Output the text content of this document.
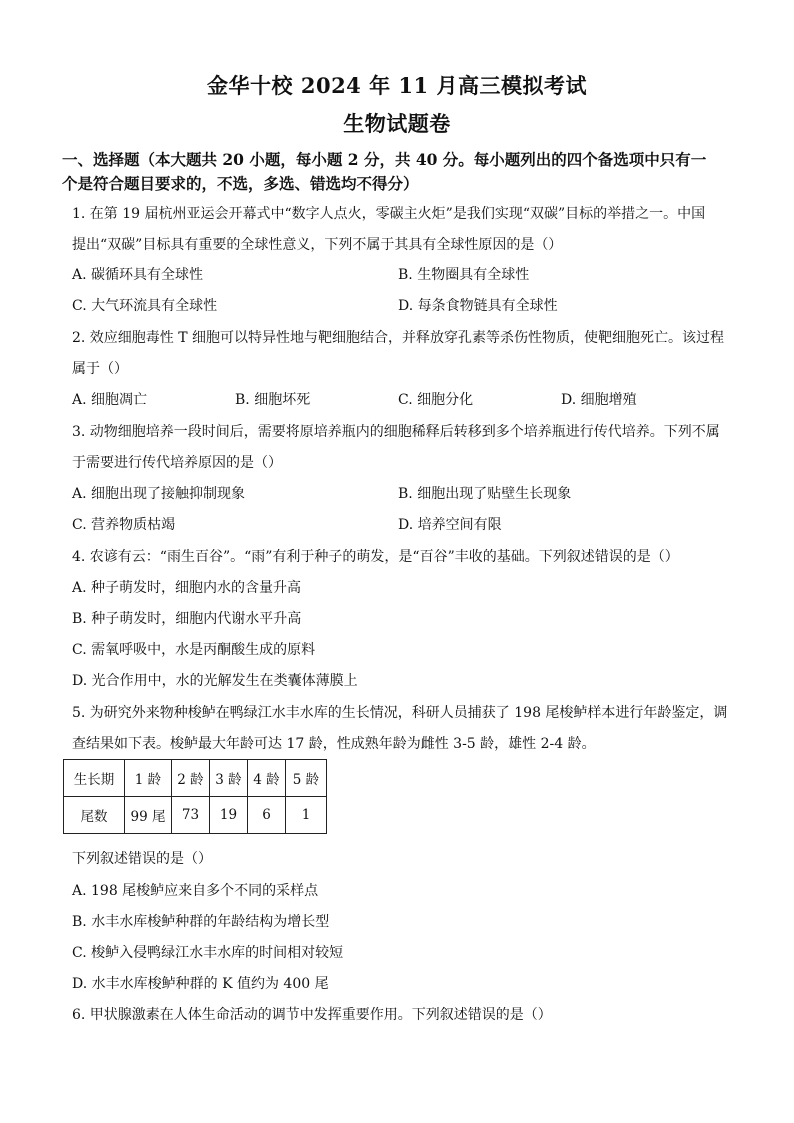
金华十校 2024 年 11 月高三模拟考试
生物试题卷
一、选择题（本大题共 20 小题，每小题 2 分，共 40 分。每小题列出的四个备选项中只有一
个是符合题目要求的，不选，多选、错选均不得分）
1. 在第 19 届杭州亚运会开幕式中“数字人点火，零碳主火炬”是我们实现“双碳”目标的举措之一。中国
提出“双碳”目标具有重要的全球性意义，下列不属于其具有全球性原因的是（）
A. 碳循环具有全球性	B. 生物圈具有全球性
C. 大气环流具有全球性	D. 每条食物链具有全球性
2. 效应细胞毒性 T 细胞可以特异性地与靶细胞结合，并释放穿孔素等杀伤性物质，使靶细胞死亡。该过程
属于（）
A. 细胞凋亡	B. 细胞坏死	C. 细胞分化	D. 细胞增殖
3. 动物细胞培养一段时间后，需要将原培养瓶内的细胞稀释后转移到多个培养瓶进行传代培养。下列不属
于需要进行传代培养原因的是（）
A. 细胞出现了接触抑制现象	B. 细胞出现了贴壁生长现象
C. 营养物质枯竭	D. 培养空间有限
4. 农谚有云：“雨生百谷”。“雨”有利于种子的萌发，是“百谷”丰收的基础。下列叙述错误的是（）
A. 种子萌发时，细胞内水的含量升高
B. 种子萌发时，细胞内代谢水平升高
C. 需氧呼吸中，水是丙酮酸生成的原料
D. 光合作用中，水的光解发生在类囊体薄膜上
5. 为研究外来物种梭鲈在鸭绿江水丰水库的生长情况，科研人员捕获了 198 尾梭鲈样本进行年龄鉴定，调
查结果如下表。梭鲈最大年龄可达 17 龄，性成熟年龄为雌性 3-5 龄，雄性 2-4 龄。
生长期	1 龄	2 龄	3 龄	4 龄	5 龄
尾数	99 尾	73	19	6	1
下列叙述错误的是（）
A. 198 尾梭鲈应来自多个不同的采样点
B. 水丰水库梭鲈种群的年龄结构为增长型
C. 梭鲈入侵鸭绿江水丰水库的时间相对较短
D. 水丰水库梭鲈种群的 K 值约为 400 尾
6. 甲状腺激素在人体生命活动的调节中发挥重要作用。下列叙述错误的是（）
